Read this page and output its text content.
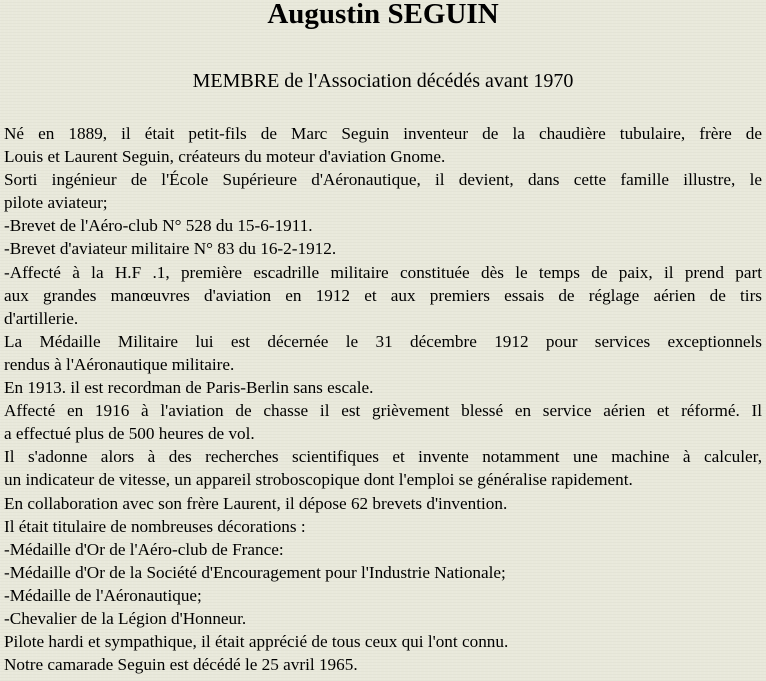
Augustin SEGUIN
MEMBRE de l'Association décédés avant 1970
Né en 1889, il était petit-fils de Marc Seguin inventeur de la chaudière tubulaire, frère de
Louis et Laurent Seguin, créateurs du moteur d'aviation Gnome.
Sorti ingénieur de l'École Supérieure d'Aéronautique, il devient, dans cette famille illustre, le
pilote aviateur;
-Brevet de l'Aéro-club N° 528 du 15-6-1911.
-Brevet d'aviateur militaire N° 83 du 16-2-1912.
-Affecté à la H.F .1, première escadrille militaire constituée dès le temps de paix, il prend part
aux grandes manœuvres d'aviation en 1912 et aux premiers essais de réglage aérien de tirs
d'artillerie.
La Médaille Militaire lui est décernée le 31 décembre 1912 pour services exceptionnels
rendus à l'Aéronautique militaire.
En 1913. il est recordman de Paris-Berlin sans escale.
Affecté en 1916 à l'aviation de chasse il est grièvement blessé en service aérien et réformé. Il
a effectué plus de 500 heures de vol.
Il s'adonne alors à des recherches scientifiques et invente notamment une machine à calculer,
un indicateur de vitesse, un appareil stroboscopique dont l'emploi se généralise rapidement.
En collaboration avec son frère Laurent, il dépose 62 brevets d'invention.
Il était titulaire de nombreuses décorations :
-Médaille d'Or de l'Aéro-club de France:
-Médaille d'Or de la Société d'Encouragement pour l'Industrie Nationale;
-Médaille de l'Aéronautique;
-Chevalier de la Légion d'Honneur.
Pilote hardi et sympathique, il était apprécié de tous ceux qui l'ont connu.
Notre camarade Seguin est décédé le 25 avril 1965.
